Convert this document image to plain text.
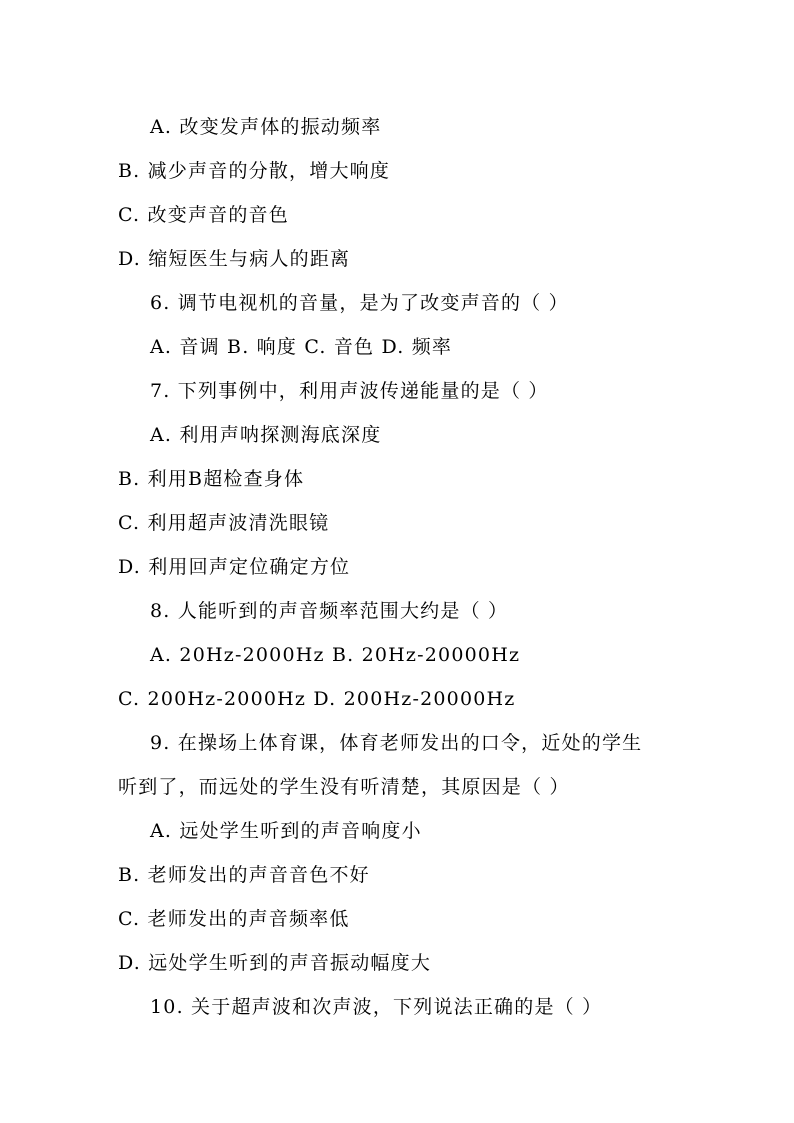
A. 改变发声体的振动频率
B. 减少声音的分散，增大响度
C. 改变声音的音色
D. 缩短医生与病人的距离
6. 调节电视机的音量，是为了改变声音的（ ）
A. 音调 B. 响度 C. 音色 D. 频率
7. 下列事例中，利用声波传递能量的是（ ）
A. 利用声呐探测海底深度
B. 利用B超检查身体
C. 利用超声波清洗眼镜
D. 利用回声定位确定方位
8. 人能听到的声音频率范围大约是（ ）
A. 20Hz-2000Hz B. 20Hz-20000Hz
C. 200Hz-2000Hz D. 200Hz-20000Hz
9. 在操场上体育课，体育老师发出的口令，近处的学生
听到了，而远处的学生没有听清楚，其原因是（ ）
A. 远处学生听到的声音响度小
B. 老师发出的声音音色不好
C. 老师发出的声音频率低
D. 远处学生听到的声音振动幅度大
10. 关于超声波和次声波，下列说法正确的是（ ）
